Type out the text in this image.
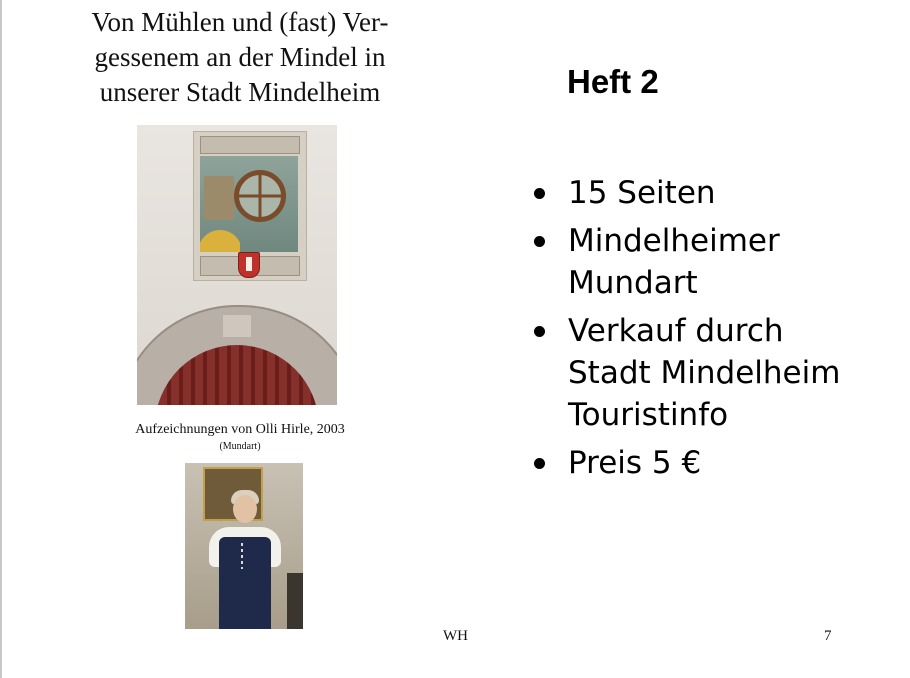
Von Mühlen und (fast) Ver-
gessenem an der Mindel in
unserer Stadt Mindelheim
Aufzeichnungen von Olli Hirle, 2003
(Mundart)
Heft 2
15 Seiten
Mindelheimer
Mundart
Verkauf durch
Stadt Mindelheim
Touristinfo
Preis 5 €
WH	7
